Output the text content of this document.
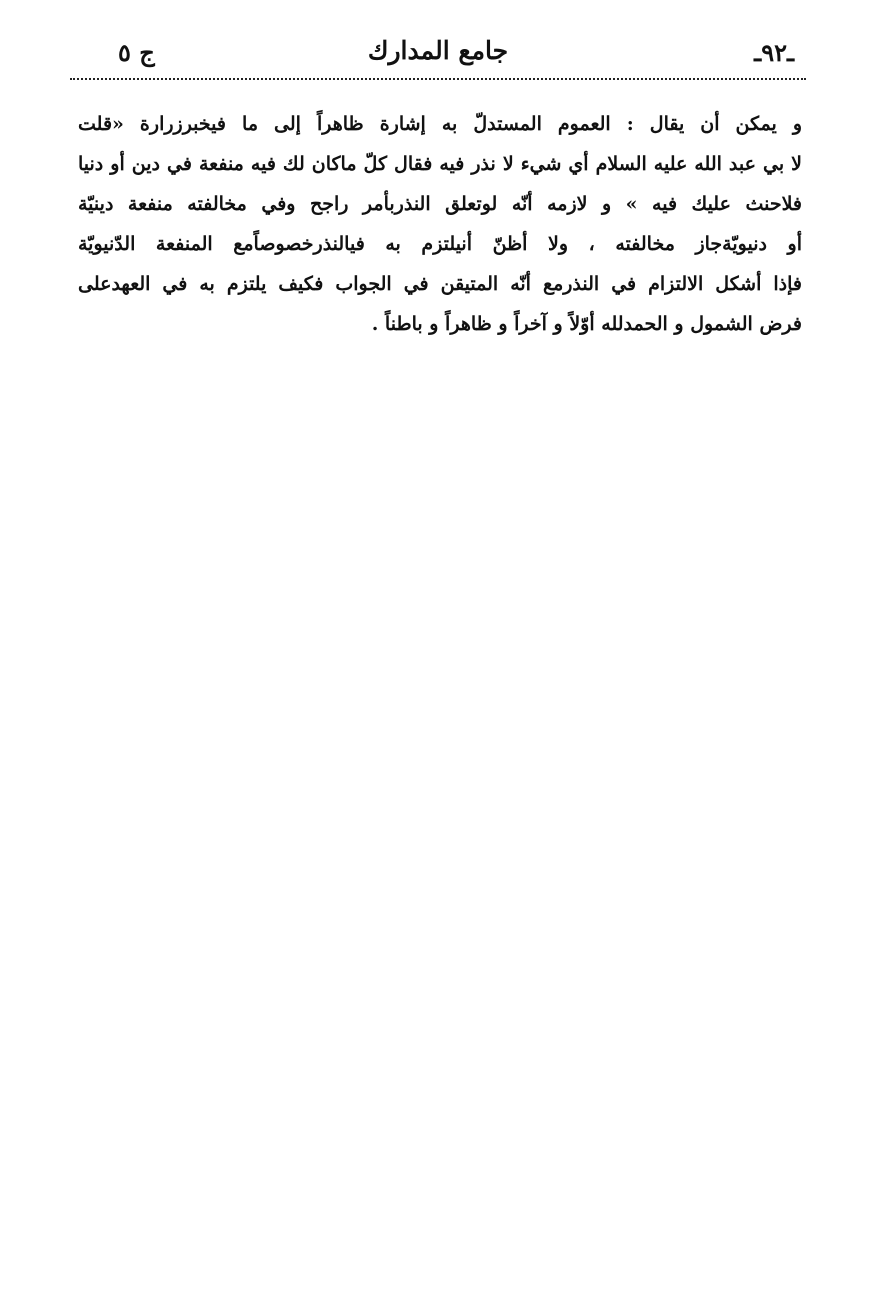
ج ٥	جامع المدارك	ـ٩٢ـ
و يمكن أن يقال : العموم المستدلّ به إشارة ظاهراً إلى ما فيخبرزرارة «قلت
لا بي عبد الله عليه السلام أي شيء لا نذر فيه فقال كلّ ماكان لك فيه منفعة في دين أو دنيا
فلاحنث عليك فيه » و لازمه أنّه لوتعلق النذربأمر راجح وفي مخالفته منفعة دينيّة
أو دنيويّةجاز مخالفته ، ولا أظنّ أنيلتزم به فيالنذرخصوصاًمع المنفعة الدّنيويّة
فإذا أشكل الالتزام في النذرمع أنّه المتيقن في الجواب فكيف يلتزم به في العهدعلى
فرض الشمول و الحمدلله أوّلاً و آخراً و ظاهراً و باطناً .
